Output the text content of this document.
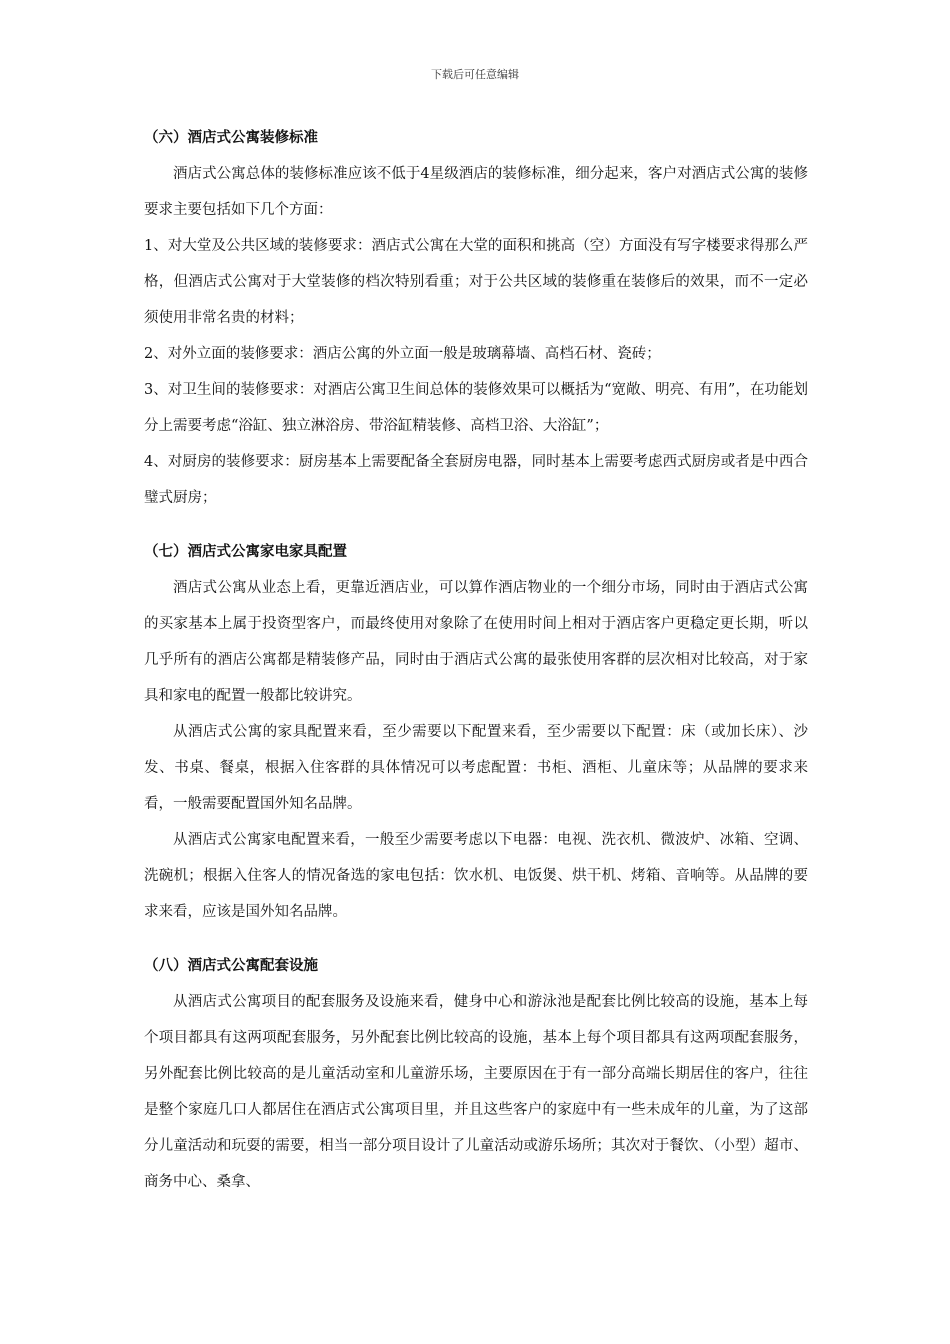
下载后可任意编辑

（六）酒店式公寓装修标准

酒店式公寓总体的装修标准应该不低于4星级酒店的装修标准，细分起来，客户对酒店式公寓的装修要求主要包括如下几个方面：

1、对大堂及公共区域的装修要求：酒店式公寓在大堂的面积和挑高（空）方面没有写字楼要求得那么严格，但酒店式公寓对于大堂装修的档次特别看重；对于公共区域的装修重在装修后的效果，而不一定必须使用非常名贵的材料；

2、对外立面的装修要求：酒店公寓的外立面一般是玻璃幕墙、高档石材、瓷砖；

3、对卫生间的装修要求：对酒店公寓卫生间总体的装修效果可以概括为“宽敞、明亮、有用”，在功能划分上需要考虑“浴缸、独立淋浴房、带浴缸精装修、高档卫浴、大浴缸”；

4、对厨房的装修要求：厨房基本上需要配备全套厨房电器，同时基本上需要考虑西式厨房或者是中西合璧式厨房；

（七）酒店式公寓家电家具配置

酒店式公寓从业态上看，更靠近酒店业，可以算作酒店物业的一个细分市场，同时由于酒店式公寓的买家基本上属于投资型客户，而最终使用对象除了在使用时间上相对于酒店客户更稳定更长期，听以几乎所有的酒店公寓都是精装修产品，同时由于酒店式公寓的最张使用客群的层次相对比较高，对于家具和家电的配置一般都比较讲究。

从酒店式公寓的家具配置来看，至少需要以下配置来看，至少需要以下配置：床（或加长床）、沙发、书桌、餐桌，根据入住客群的具体情况可以考虑配置：书柜、酒柜、儿童床等；从品牌的要求来看，一般需要配置国外知名品牌。

从酒店式公寓家电配置来看，一般至少需要考虑以下电器：电视、洗衣机、微波炉、冰箱、空调、洗碗机；根据入住客人的情况备选的家电包括：饮水机、电饭煲、烘干机、烤箱、音响等。从品牌的要求来看，应该是国外知名品牌。

（八）酒店式公寓配套设施

从酒店式公寓项目的配套服务及设施来看，健身中心和游泳池是配套比例比较高的设施，基本上每个项目都具有这两项配套服务，另外配套比例比较高的设施，基本上每个项目都具有这两项配套服务，另外配套比例比较高的是儿童活动室和儿童游乐场，主要原因在于有一部分高端长期居住的客户，往往是整个家庭几口人都居住在酒店式公寓项目里，并且这些客户的家庭中有一些未成年的儿童，为了这部分儿童活动和玩耍的需要，相当一部分项目设计了儿童活动或游乐场所；其次对于餐饮、（小型）超市、商务中心、桑拿、
